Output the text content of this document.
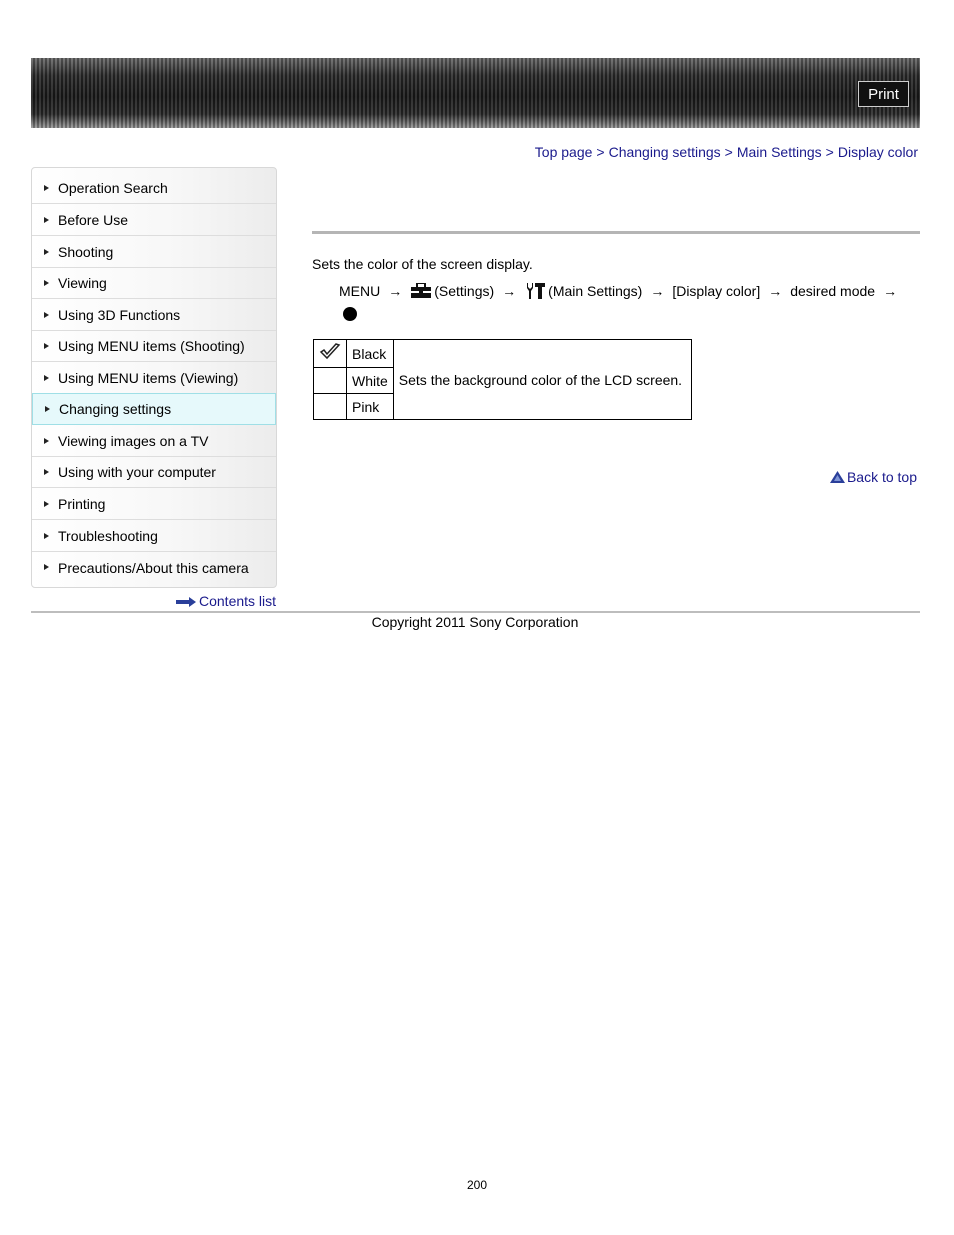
Print
Top page > Changing settings > Main Settings > Display color
Operation Search
Before Use
Shooting
Viewing
Using 3D Functions
Using MENU items (Shooting)
Using MENU items (Viewing)
Changing settings
Viewing images on a TV
Using with your computer
Printing
Troubleshooting
Precautions/About this camera
Contents list
Sets the color of the screen display.
MENU → (Settings) → (Main Settings) → [Display color] → desired mode →
	Black	Sets the background color of the LCD screen.
	White	
	Pink	
Back to top
Copyright 2011 Sony Corporation
200
